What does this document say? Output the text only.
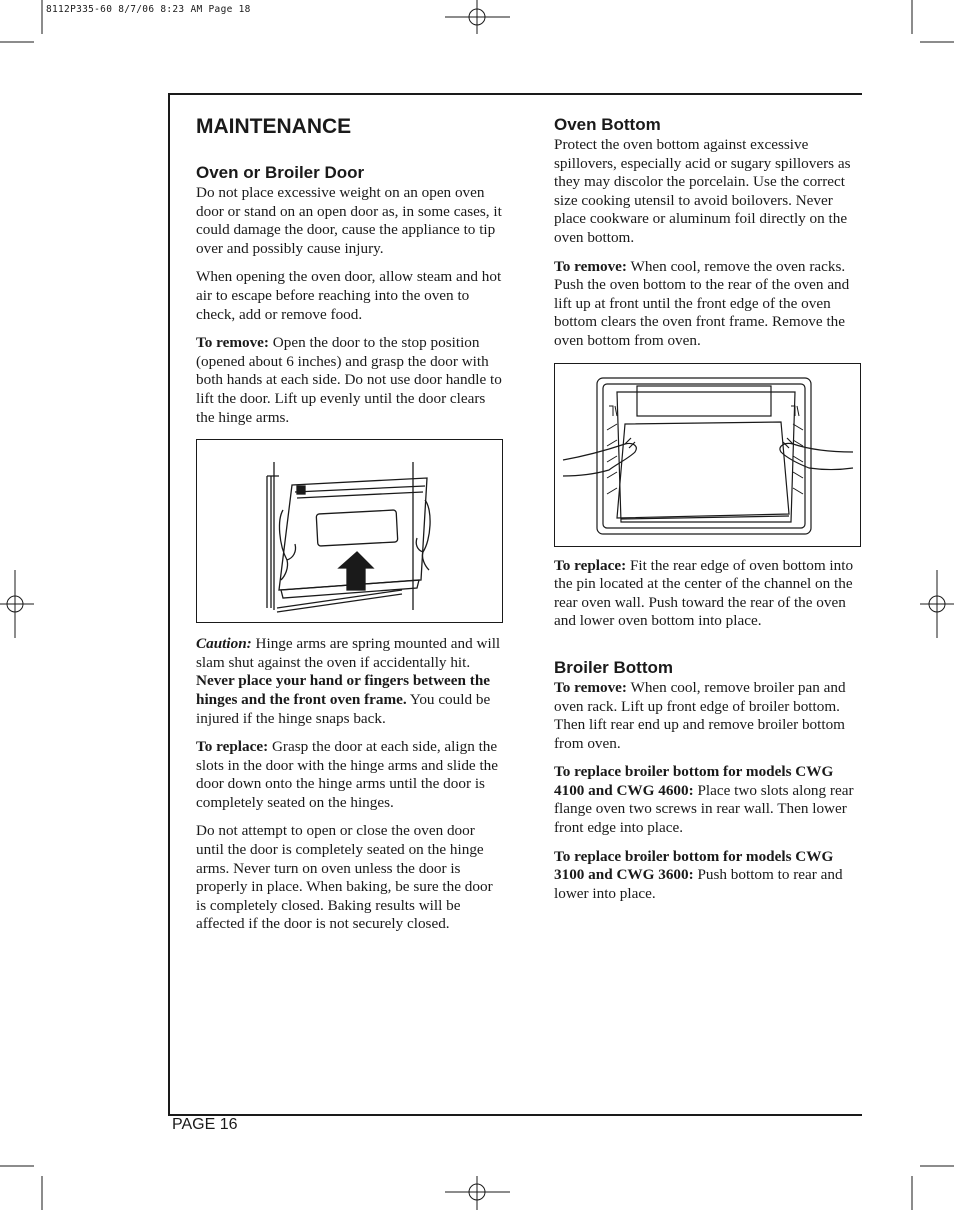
8112P335-60 8/7/06 8:23 AM Page 18
PAGE 16
MAINTENANCE
Oven or Broiler Door

Do not place excessive weight on an open oven door or stand on an open door as, in some cases, it could damage the door, cause the appliance to tip over and possibly cause injury.

When opening the oven door, allow steam and hot air to escape before reaching into the oven to check, add or remove food.

To remove: Open the door to the stop position (opened about 6 inches) and grasp the door with both hands at each side. Do not use door handle to lift the door. Lift up evenly until the door clears the hinge arms.

Caution: Hinge arms are spring mounted and will slam shut against the oven if accidentally hit. Never place your hand or fingers between the hinges and the front oven frame. You could be injured if the hinge snaps back.

To replace: Grasp the door at each side, align the slots in the door with the hinge arms and slide the door down onto the hinge arms until the door is completely seated on the hinges.

Do not attempt to open or close the oven door until the door is completely seated on the hinge arms. Never turn on oven unless the door is properly in place. When baking, be sure the door is completely closed. Baking results will be affected if the door is not securely closed.

Oven Bottom

Protect the oven bottom against excessive spillovers, especially acid or sugary spillovers as they may discolor the porcelain. Use the correct size cooking utensil to avoid boilovers. Never place cookware or aluminum foil directly on the oven bottom.

To remove: When cool, remove the oven racks. Push the oven bottom to the rear of the oven and lift up at front until the front edge of the oven bottom clears the oven front frame. Remove the oven bottom from oven.

To replace: Fit the rear edge of oven bottom into the pin located at the center of the channel on the rear oven wall. Push toward the rear of the oven and lower oven bottom into place.

Broiler Bottom

To remove: When cool, remove broiler pan and oven rack. Lift up front edge of broiler bottom. Then lift rear end up and remove broiler bottom from oven.

To replace broiler bottom for models CWG 4100 and CWG 4600: Place two slots along rear flange oven two screws in rear wall. Then lower front edge into place.

To replace broiler bottom for models CWG 3100 and CWG 3600: Push bottom to rear and lower into place.
